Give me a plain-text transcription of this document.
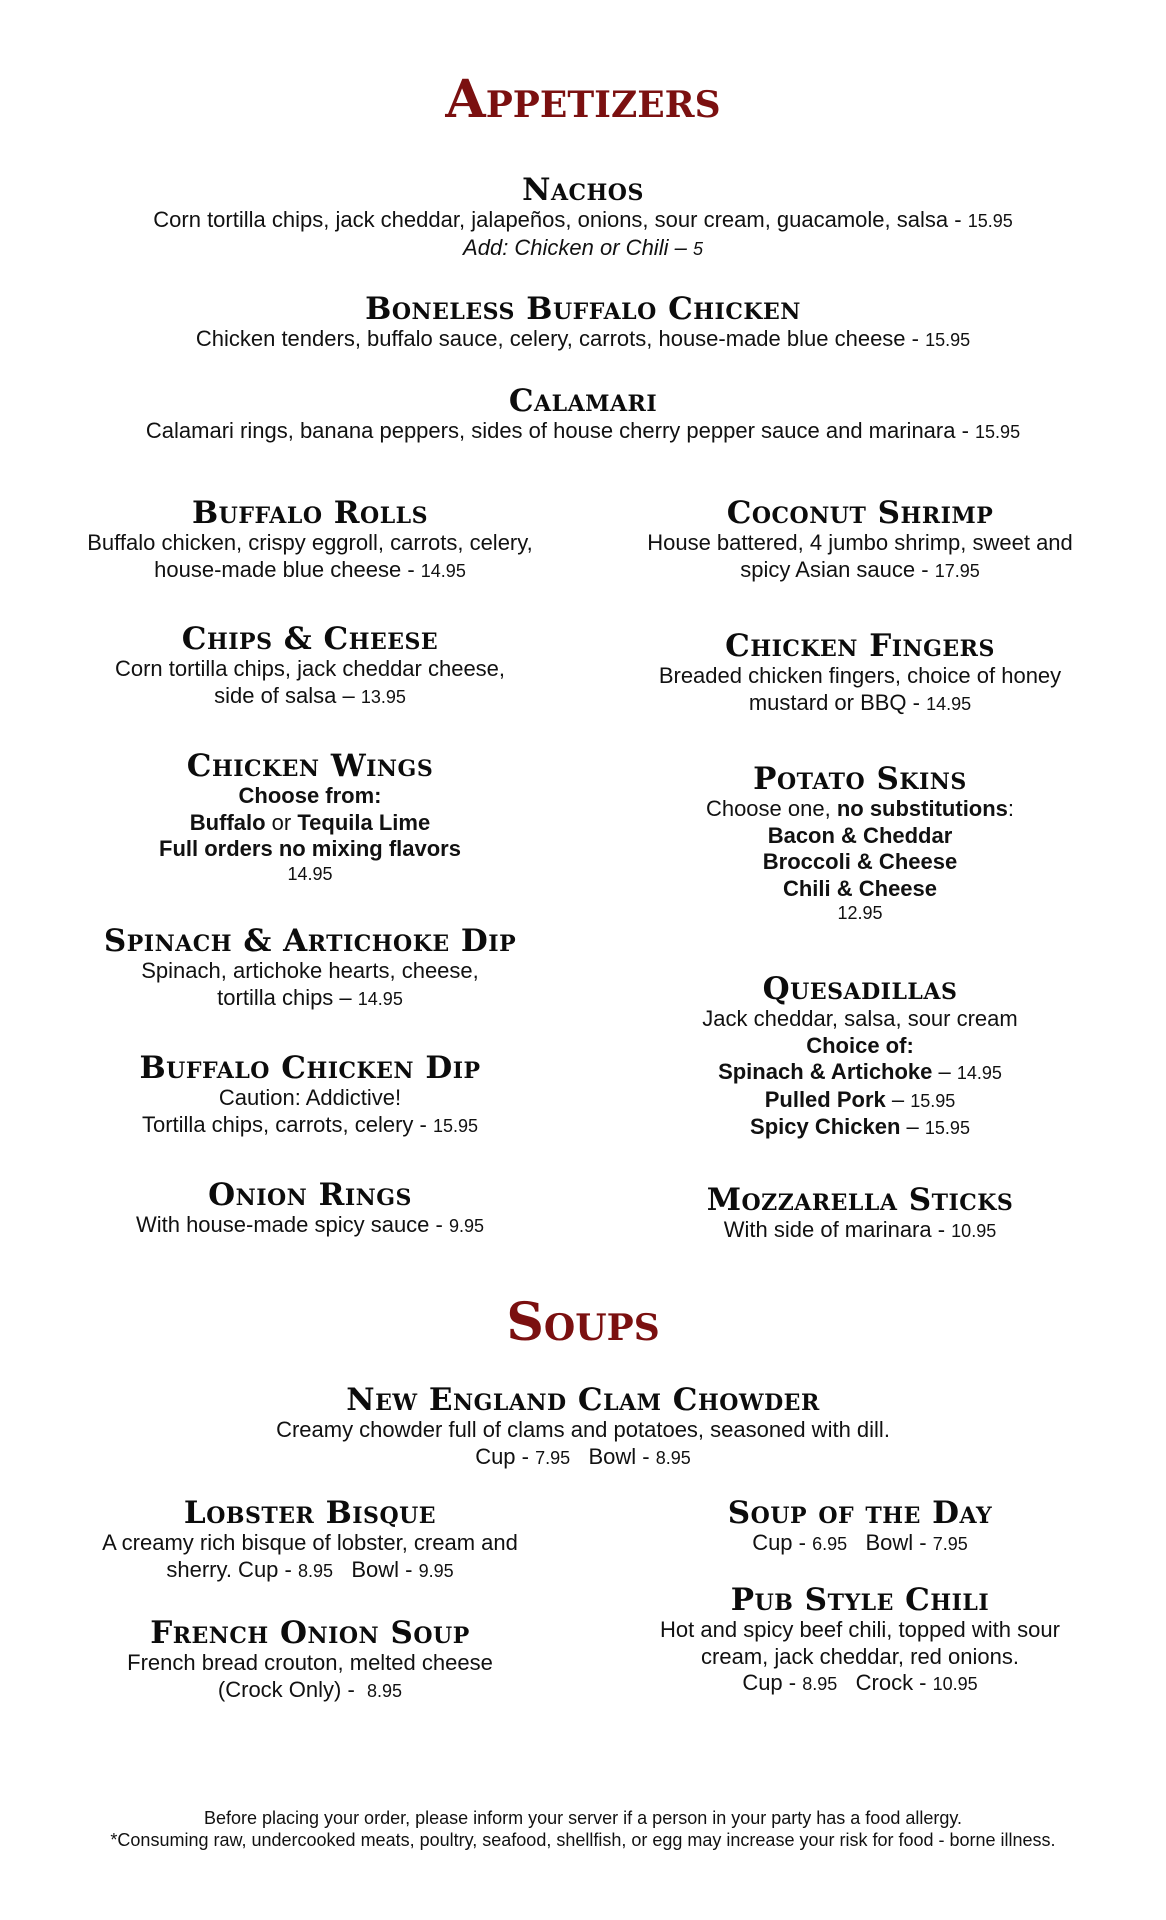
Appetizers
Nachos
Corn tortilla chips, jack cheddar, jalapeños, onions, sour cream, guacamole, salsa - 15.95
Add: Chicken or Chili – 5
Boneless Buffalo Chicken
Chicken tenders, buffalo sauce, celery, carrots, house-made blue cheese - 15.95
Calamari
Calamari rings, banana peppers, sides of house cherry pepper sauce and marinara - 15.95
Buffalo Rolls
Buffalo chicken, crispy eggroll, carrots, celery,
house-made blue cheese - 14.95
Chips & Cheese
Corn tortilla chips, jack cheddar cheese,
side of salsa – 13.95
Chicken Wings
Choose from:
Buffalo or Tequila Lime
Full orders no mixing flavors
14.95
Spinach & Artichoke Dip
Spinach, artichoke hearts, cheese,
tortilla chips – 14.95
Buffalo Chicken Dip
Caution: Addictive!
Tortilla chips, carrots, celery - 15.95
Onion Rings
With house-made spicy sauce - 9.95
Coconut Shrimp
House battered, 4 jumbo shrimp, sweet and
spicy Asian sauce - 17.95
Chicken Fingers
Breaded chicken fingers, choice of honey
mustard or BBQ - 14.95
Potato Skins
Choose one, no substitutions:
Bacon & Cheddar
Broccoli & Cheese
Chili & Cheese
12.95
Quesadillas
Jack cheddar, salsa, sour cream
Choice of:
Spinach & Artichoke – 14.95
Pulled Pork – 15.95
Spicy Chicken – 15.95
Mozzarella Sticks
With side of marinara - 10.95
Soups
New England Clam Chowder
Creamy chowder full of clams and potatoes, seasoned with dill.
Cup - 7.95 Bowl - 8.95
Lobster Bisque
A creamy rich bisque of lobster, cream and
sherry. Cup - 8.95 Bowl - 9.95
French Onion Soup
French bread crouton, melted cheese
(Crock Only) -  8.95
Soup of the Day
Cup - 6.95 Bowl - 7.95
Pub Style Chili
Hot and spicy beef chili, topped with sour
cream, jack cheddar, red onions.
Cup - 8.95 Crock - 10.95
Before placing your order, please inform your server if a person in your party has a food allergy.
*Consuming raw, undercooked meats, poultry, seafood, shellfish, or egg may increase your risk for food - borne illness.
